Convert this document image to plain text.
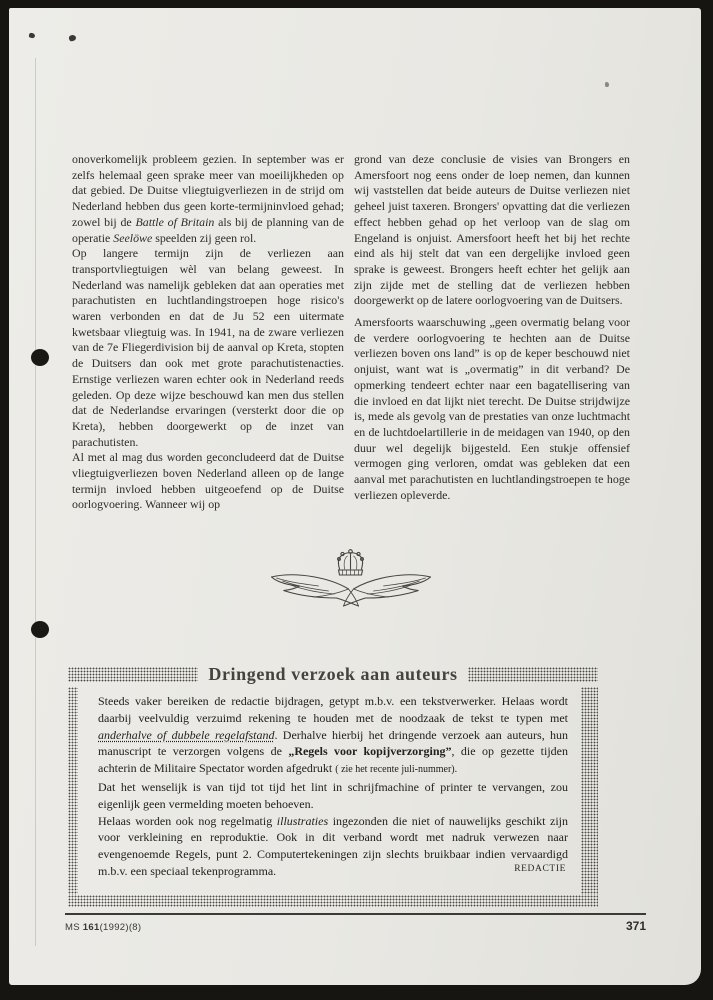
onoverkomelijk probleem gezien. In september was er zelfs helemaal geen sprake meer van moeilijkheden op dat gebied. De Duitse vliegtuigverliezen in de strijd om Nederland hebben dus geen korte-termijninvloed gehad; zowel bij de Battle of Britain als bij de planning van de operatie Seelöwe speelden zij geen rol.

Op langere termijn zijn de verliezen aan transportvliegtuigen wèl van belang geweest. In Nederland was namelijk gebleken dat aan operaties met parachutisten en luchtlandingstroepen hoge risico's waren verbonden en dat de Ju 52 een uitermate kwetsbaar vliegtuig was. In 1941, na de zware verliezen van de 7e Fliegerdivision bij de aanval op Kreta, stopten de Duitsers dan ook met grote parachutistenacties. Ernstige verliezen waren echter ook in Nederland reeds geleden. Op deze wijze beschouwd kan men dus stellen dat de Nederlandse ervaringen (versterkt door die op Kreta), hebben doorgewerkt op de inzet van parachutisten.

Al met al mag dus worden geconcludeerd dat de Duitse vliegtuigverliezen boven Nederland alleen op de lange termijn invloed hebben uitgeoefend op de Duitse oorlogvoering. Wanneer wij op

grond van deze conclusie de visies van Brongers en Amersfoort nog eens onder de loep nemen, dan kunnen wij vaststellen dat beide auteurs de Duitse verliezen niet geheel juist taxeren. Brongers' opvatting dat die verliezen effect hebben gehad op het verloop van de slag om Engeland is onjuist. Amersfoort heeft het bij het rechte eind als hij stelt dat van een dergelijke invloed geen sprake is geweest. Brongers heeft echter het gelijk aan zijn zijde met de stelling dat de verliezen hebben doorgewerkt op de latere oorlogvoering van de Duitsers.

Amersfoorts waarschuwing „geen overmatig belang voor de verdere oorlogvoering te hechten aan de Duitse verliezen boven ons land” is op de keper beschouwd niet onjuist, want wat is „overmatig” in dit verband? De opmerking tendeert echter naar een bagatellisering van die invloed en dat lijkt niet terecht. De Duitse strijdwijze is, mede als gevolg van de prestaties van onze luchtmacht en de luchtdoelartillerie in de meidagen van 1940, op den duur wel degelijk bijgesteld. Een stukje offensief vermogen ging verloren, omdat was gebleken dat een aanval met parachutisten en luchtlandingstroepen te hoge verliezen opleverde.

Dringend verzoek aan auteurs

Steeds vaker bereiken de redactie bijdragen, getypt m.b.v. een tekstverwerker. Helaas wordt daarbij veelvuldig verzuimd rekening te houden met de noodzaak de tekst te typen met anderhalve of dubbele regelafstand. Derhalve hierbij het dringende verzoek aan auteurs, hun manuscript te verzorgen volgens de „Regels voor kopijverzorging”, die op gezette tijden achterin de Militaire Spectator worden afgedrukt ( zie het recente juli-nummer).

Dat het wenselijk is van tijd tot tijd het lint in schrijfmachine of printer te vervangen, zou eigenlijk geen vermelding moeten behoeven.

Helaas worden ook nog regelmatig illustraties ingezonden die niet of nauwelijks geschikt zijn voor verkleining en reproduktie. Ook in dit verband wordt met nadruk verwezen naar evengenoemde Regels, punt 2. Computertekeningen zijn slechts bruikbaar indien vervaardigd m.b.v. een speciaal tekenprogramma.	REDACTIE
MS 161(1992)(8)	371
